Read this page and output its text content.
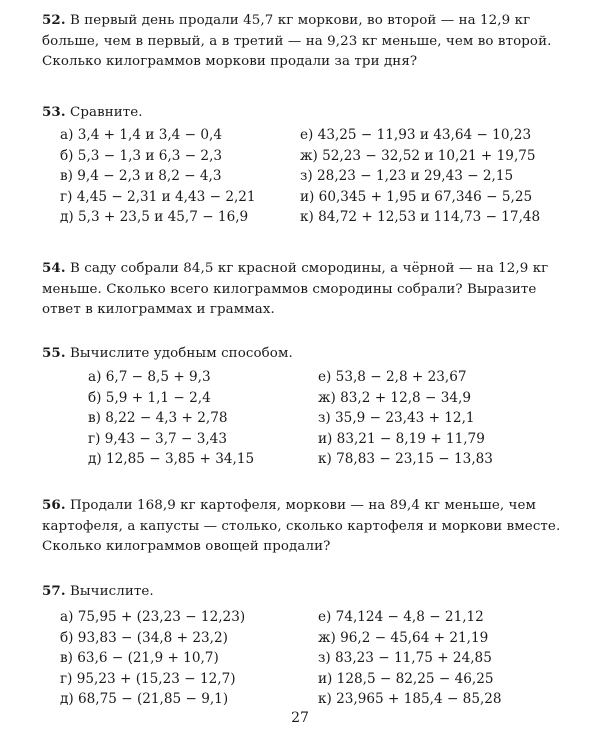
52. В первый день продали 45,7 кг моркови, во второй — на 12,9 кг больше, чем в первый, а в третий — на 9,23 кг меньше, чем во второй. Сколько килограммов моркови продали за три дня?
53. Сравните.
а) 3,4 + 1,4 и 3,4 − 0,4
б) 5,3 − 1,3 и 6,3 − 2,3
в) 9,4 − 2,3 и 8,2 − 4,3
г) 4,45 − 2,31 и 4,43 − 2,21
д) 5,3 + 23,5 и 45,7 − 16,9
е) 43,25 − 11,93 и 43,64 − 10,23
ж) 52,23 − 32,52 и 10,21 + 19,75
з) 28,23 − 1,23 и 29,43 − 2,15
и) 60,345 + 1,95 и 67,346 − 5,25
к) 84,72 + 12,53 и 114,73 − 17,48
54. В саду собрали 84,5 кг красной смородины, а чёрной — на 12,9 кг меньше. Сколько всего килограммов смородины собрали? Выразите ответ в килограммах и граммах.
55. Вычислите удобным способом.
а) 6,7 − 8,5 + 9,3
б) 5,9 + 1,1 − 2,4
в) 8,22 − 4,3 + 2,78
г) 9,43 − 3,7 − 3,43
д) 12,85 − 3,85 + 34,15
е) 53,8 − 2,8 + 23,67
ж) 83,2 + 12,8 − 34,9
з) 35,9 − 23,43 + 12,1
и) 83,21 − 8,19 + 11,79
к) 78,83 − 23,15 − 13,83
56. Продали 168,9 кг картофеля, моркови — на 89,4 кг меньше, чем картофеля, а капусты — столько, сколько картофеля и моркови вместе. Сколько килограммов овощей продали?
57. Вычислите.
а) 75,95 + (23,23 − 12,23)
б) 93,83 − (34,8 + 23,2)
в) 63,6 − (21,9 + 10,7)
г) 95,23 + (15,23 − 12,7)
д) 68,75 − (21,85 − 9,1)
е) 74,124 − 4,8 − 21,12
ж) 96,2 − 45,64 + 21,19
з) 83,23 − 11,75 + 24,85
и) 128,5 − 82,25 − 46,25
к) 23,965 + 185,4 − 85,28
27
